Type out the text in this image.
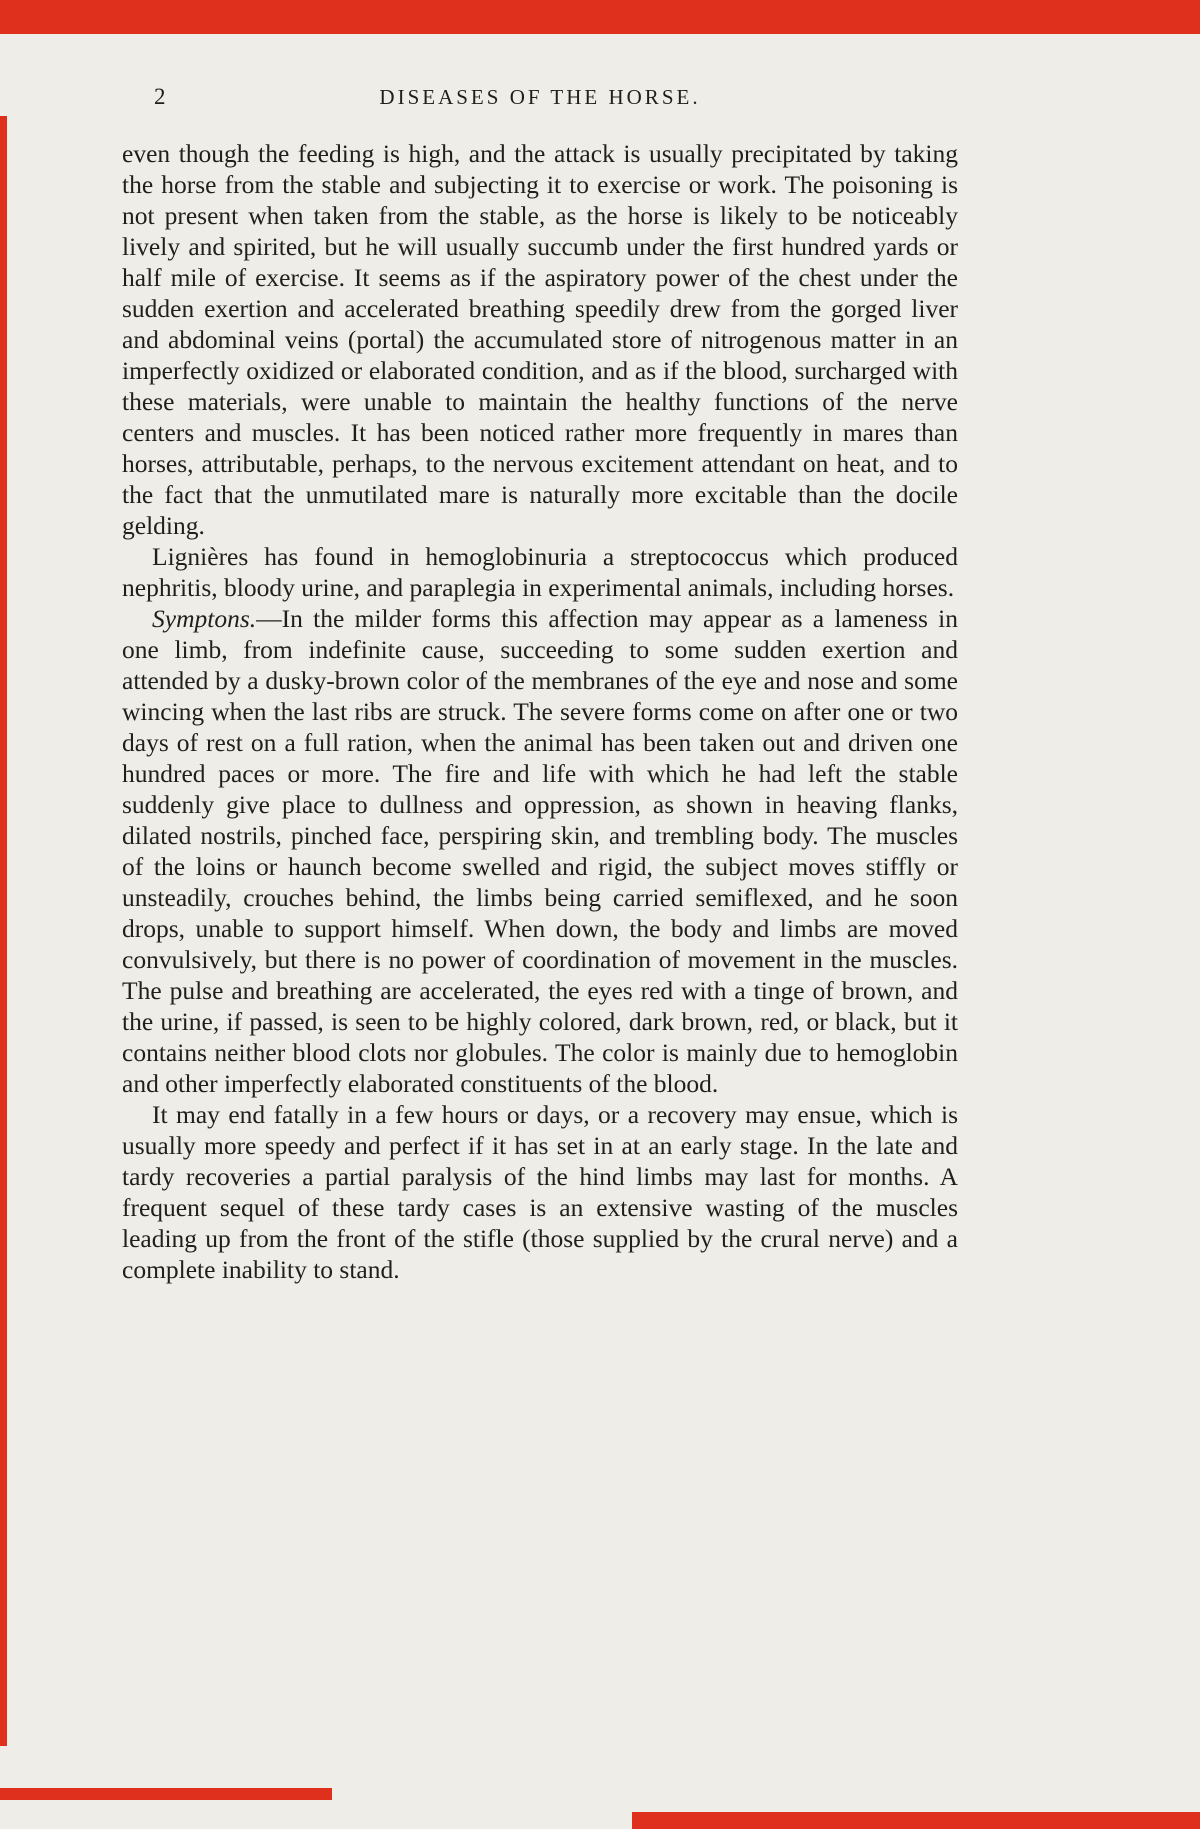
2	DISEASES OF THE HORSE.

even though the feeding is high, and the attack is usually precipitated by taking the horse from the stable and subjecting it to exercise or work. The poisoning is not present when taken from the stable, as the horse is likely to be noticeably lively and spirited, but he will usually succumb under the first hundred yards or half mile of exercise. It seems as if the aspiratory power of the chest under the sudden exertion and accelerated breathing speedily drew from the gorged liver and abdominal veins (portal) the accumulated store of nitrogenous matter in an imperfectly oxidized or elaborated condition, and as if the blood, surcharged with these materials, were unable to maintain the healthy functions of the nerve centers and muscles. It has been noticed rather more frequently in mares than horses, attributable, perhaps, to the nervous excitement attendant on heat, and to the fact that the unmutilated mare is naturally more excitable than the docile gelding.

Lignières has found in hemoglobinuria a streptococcus which produced nephritis, bloody urine, and paraplegia in experimental animals, including horses.

Symptons.—In the milder forms this affection may appear as a lameness in one limb, from indefinite cause, succeeding to some sudden exertion and attended by a dusky-brown color of the membranes of the eye and nose and some wincing when the last ribs are struck. The severe forms come on after one or two days of rest on a full ration, when the animal has been taken out and driven one hundred paces or more. The fire and life with which he had left the stable suddenly give place to dullness and oppression, as shown in heaving flanks, dilated nostrils, pinched face, perspiring skin, and trembling body. The muscles of the loins or haunch become swelled and rigid, the subject moves stiffly or unsteadily, crouches behind, the limbs being carried semiflexed, and he soon drops, unable to support himself. When down, the body and limbs are moved convulsively, but there is no power of coordination of movement in the muscles. The pulse and breathing are accelerated, the eyes red with a tinge of brown, and the urine, if passed, is seen to be highly colored, dark brown, red, or black, but it contains neither blood clots nor globules. The color is mainly due to hemoglobin and other imperfectly elaborated constituents of the blood.

It may end fatally in a few hours or days, or a recovery may ensue, which is usually more speedy and perfect if it has set in at an early stage. In the late and tardy recoveries a partial paralysis of the hind limbs may last for months. A frequent sequel of these tardy cases is an extensive wasting of the muscles leading up from the front of the stifle (those supplied by the crural nerve) and a complete inability to stand.
